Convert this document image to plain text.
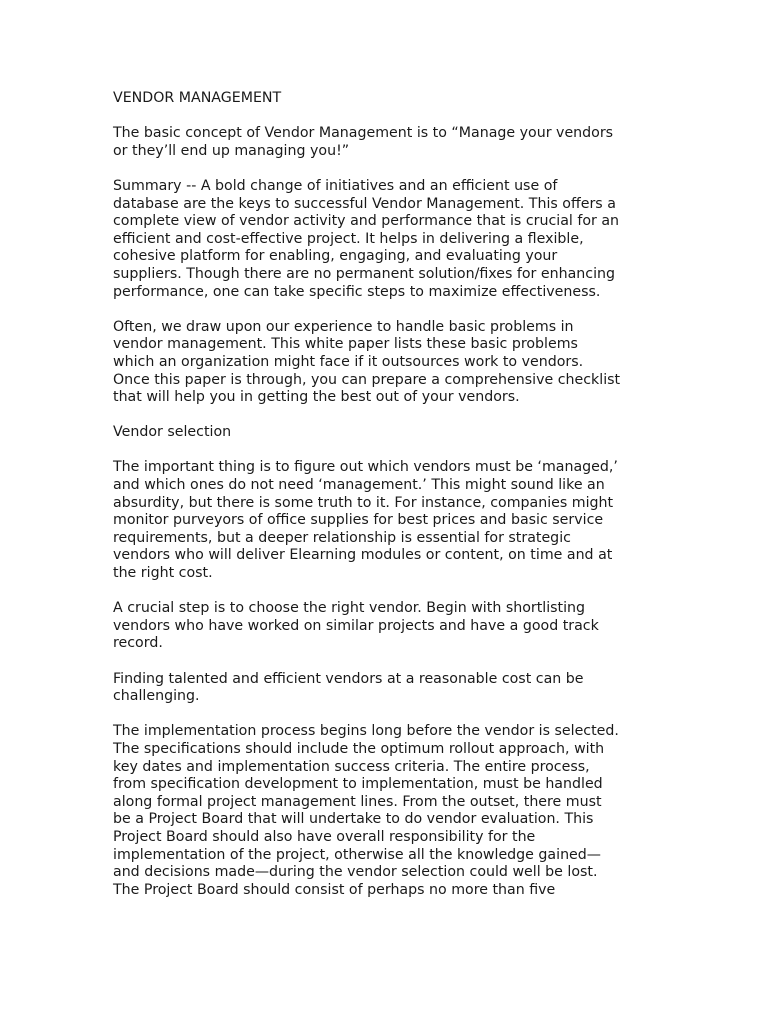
VENDOR MANAGEMENT

The basic concept of Vendor Management is to “Manage your vendors
or they’ll end up managing you!”

Summary -- A bold change of initiatives and an efficient use of
database are the keys to successful Vendor Management. This offers a
complete view of vendor activity and performance that is crucial for an
efficient and cost-effective project. It helps in delivering a flexible,
cohesive platform for enabling, engaging, and evaluating your
suppliers. Though there are no permanent solution/fixes for enhancing
performance, one can take specific steps to maximize effectiveness.

Often, we draw upon our experience to handle basic problems in
vendor management. This white paper lists these basic problems
which an organization might face if it outsources work to vendors.
Once this paper is through, you can prepare a comprehensive checklist
that will help you in getting the best out of your vendors.

Vendor selection

The important thing is to figure out which vendors must be ‘managed,’
and which ones do not need ‘management.’ This might sound like an
absurdity, but there is some truth to it. For instance, companies might
monitor purveyors of office supplies for best prices and basic service
requirements, but a deeper relationship is essential for strategic
vendors who will deliver Elearning modules or content, on time and at
the right cost.

A crucial step is to choose the right vendor. Begin with shortlisting
vendors who have worked on similar projects and have a good track
record.

Finding talented and efficient vendors at a reasonable cost can be
challenging.

The implementation process begins long before the vendor is selected.
The specifications should include the optimum rollout approach, with
key dates and implementation success criteria. The entire process,
from specification development to implementation, must be handled
along formal project management lines. From the outset, there must
be a Project Board that will undertake to do vendor evaluation. This
Project Board should also have overall responsibility for the
implementation of the project, otherwise all the knowledge gained—
and decisions made—during the vendor selection could well be lost.
The Project Board should consist of perhaps no more than five
